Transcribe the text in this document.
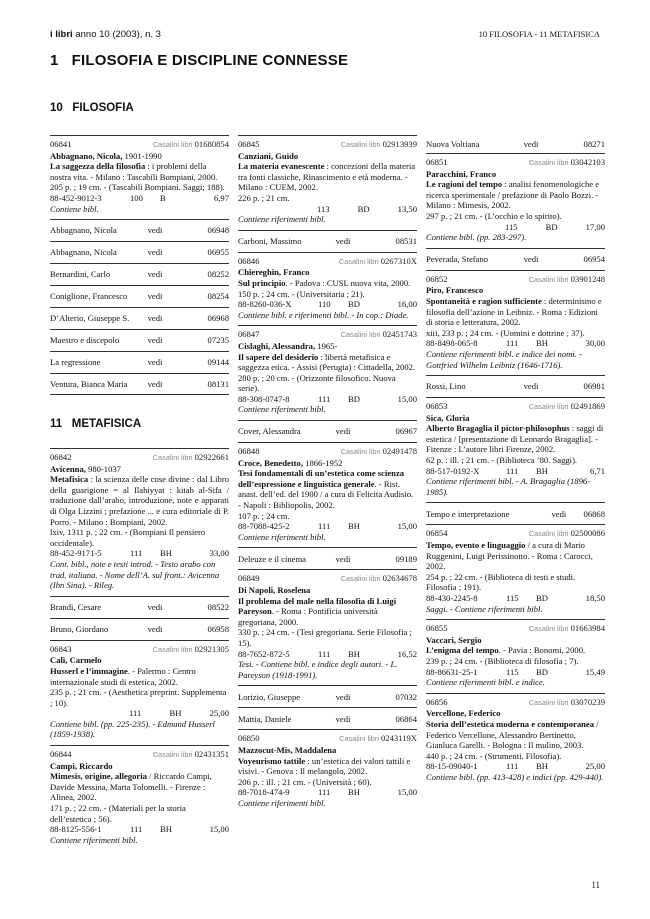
i libri anno 10 (2003), n. 3	10 FILOSOFIA - 11 METAFISICA
1   FILOSOFIA E DISCIPLINE CONNESSE
10   FILOSOFIA
11   METAFISICA
06841	Casalini libri 01680854
Abbagnano, Nicola, 1901-1990
La saggezza della filosofia : i problemi della nostra vita. - Milano : Tascabili Bompiani, 2000.
205 p. ; 19 cm. - (Tascabili Bompiani. Saggi; 188).
88-452-9012-3	100	B	6,97
Contiene bibl.
Abbagnano, Nicola	vedi	06948
Abbagnano, Nicola	vedi	06955
Bernardini, Carlo	vedi	08252
Coniglione, Francesco	vedi	08254
D’Alterio, Giuseppe S.	vedi	06968
Maestro e discepolo	vedi	07235
La regressione	vedi	09144
Ventura, Bianca Maria	vedi	08131
06842	Casalini libri 02922661
Avicenna, 980-1037
Metafisica : la scienza delle cose divine : dal Libro della guarigione = al Ilahiyyat : kitab al-Sifa / traduzione dall’arabo, introduzione, note e apparati di Olga Lizzini ; prefazione ... e cura editoriale di P. Porro. - Milano : Bompiani, 2002.
lxiv, 1311 p. ; 22 cm. - (Bompiani Il pensiero occidentale).
88-452-9171-5	111	BH	33,00
Cont. bibl., note e testi introd. - Testo arabo con trad. italiana. - Nome dell’A. sul front.: Avicenna (Ibn Sina). - Rileg.
Brandi, Cesare	vedi	08522
Bruno, Giordano	vedi	06958
06843	Casalini libri 02921305
Calì, Carmelo
Husserl e l’immagine. - Palermo : Centro internazionale studi di estetica, 2002.
235 p. ; 21 cm. - (Aesthetica preprint. Supplementa ; 10).
111	BH	25,00
Contiene bibl. (pp. 225-235). - Edmund Husserl (1859-1938).
06844	Casalini libri 02431351
Campi, Riccardo
Mimesis, origine, allegoria / Riccardo Campi, Davide Messina, Marta Tolomelli. - Firenze : Alinea, 2002.
171 p. ; 22 cm. - (Materiali per la storia dell’estetica ; 56).
88-8125-556-1	111	BH	15,00
Contiene riferimenti bibl.
06845	Casalini libri 02913939
Canziani, Guido
La materia evanescente : concezioni della materia tra fonti classiche, Rinascimento e età moderna. - Milano : CUEM, 2002.
226 p. ; 21 cm.
113	BD	13,50
Contiene riferimenti bibl.
Carboni, Massimo	vedi	08531
06846	Casalini libri 0267310X
Chiereghin, Franco
Sul principio. - Padova : CUSL nuova vita, 2000.
150 p. ; 24 cm. - (Universitaria ; 21).
88-8260-036-X	110	BD	16,00
Contiene bibl. e riferimenti bibl. - In cop.: Diade.
06847	Casalini libri 02451743
Cislaghi, Alessandra, 1965-
Il sapere del desiderio : libertà metafisica e saggezza etica. - Assisi (Perugia) : Cittadella, 2002.
280 p. ; 20 cm. - (Orizzonte filosofico. Nuova serie).
88-308-0747-8	111	BD	15,00
Contiene riferimenti bibl.
Cover, Alessandra	vedi	06967
06848	Casalini libri 02491478
Croce, Benedetto, 1866-1952
Tesi fondamentali di un’estetica come scienza dell’espressione e linguistica generale. - Rist. anast. dell’ed. del 1900 / a cura di Felicita Audisio. - Napoli : Bibliopolis, 2002.
107 p. ; 24 cm.
88-7088-425-2	111	BH	15,00
Contiene riferimenti bibl.
Deleuze e il cinema	vedi	09189
06849	Casalini libri 02634678
Di Napoli, Roselena
Il problema del male nella filosofia di Luigi Pareyson. - Roma : Pontificia università gregoriana, 2000.
330 p. ; 24 cm. - (Tesi gregoriana. Serie Filosofia ; 15).
88-7652-872-5	111	BH	16,52
Tesi. - Contiene bibl. e indice degli autori. - L. Pareyson (1918-1991).
Lorizio, Giuseppe	vedi	07032
Mattia, Daniele	vedi	06864
06850	Casalini libri 0243119X
Mazzocut-Mis, Maddalena
Voyeurismo tattile : un’estetica dei valori tattili e visivi. - Genova : Il melangolo, 2002.
206 p. : ill. ; 21 cm. - (Università ; 60).
88-7018-474-9	111	BH	15,00
Contiene riferimenti bibl.
Nuova Voltiana	vedi	08271
06851	Casalini libri 03042103
Paracchini, Franco
Le ragioni del tempo : analisi fenomenologiche e ricerca sperimentale / prefazione di Paolo Bozzi. - Milano : Mimesis, 2002.
297 p. ; 21 cm. - (L’occhio e lo spirito).
115	BD	17,00
Contiene bibl. (pp. 283-297).
Peverada, Stefano	vedi	06954
06852	Casalini libri 03901248
Piro, Francesco
Spontaneità e ragion sufficiente : determinismo e filosofia dell’azione in Leibniz. - Roma : Edizioni di storia e letteratura, 2002.
xiii, 233 p. ; 24 cm. - (Uomini e dottrine ; 37).
88-8498-065-8	111	BH	30,00
Contiene riferimenti bibl. e indice dei nomi. - Gottfried Wilhelm Leibniz (1646-1716).
Rossi, Lino	vedi	06981
06853	Casalini libri 02491869
Sica, Gloria
Alberto Bragaglia il pictor-philosophus : saggi di estetica / [presentazione di Leonardo Bragaglia]. - Firenze : L’autore libri Firenze, 2002.
62 p. : ill. ; 21 cm. - (Biblioteca ’80. Saggi).
88-517-0192-X	111	BH	6,71
Contiene riferimenti bibl. - A. Bragaglia (1896-1985).
Tempo e interpretazione	vedi	06868
06854	Casalini libri 02500086
Tempo, evento e linguaggio / a cura di Mario Ruggenini, Luigi Perissinotto. - Roma : Carocci, 2002.
254 p. ; 22 cm. - (Biblioteca di testi e studi. Filosofia ; 191).
88-430-2245-8	115	BD	18,50
Saggi. - Contiene riferimenti bibl.
06855	Casalini libri 01663984
Vaccari, Sergio
L’enigma del tempo. - Pavia : Bonomi, 2000.
239 p. ; 24 cm. - (Biblioteca di filosofia ; 7).
88-86631-25-1	115	BD	15,49
Contiene riferimenti bibl. e indice.
06856	Casalini libri 03070239
Vercellone, Federico
Storia dell’estetica moderna e contemporanea / Federico Vercellone, Alessandro Bertinetto, Gianluca Garelli. - Bologna : Il mulino, 2003.
440 p. ; 24 cm. - (Strumenti. Filosofia).
88-15-09040-1	111	BH	25,00
Contiene bibl. (pp. 413-428) e indici (pp. 429-440).
11
